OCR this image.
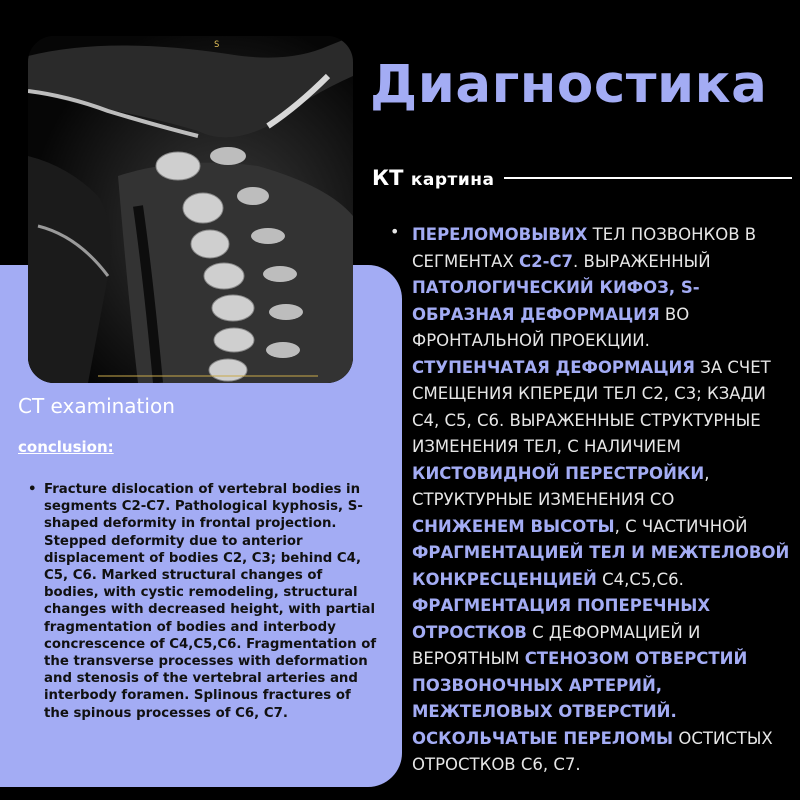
S
Диагностика
КТ картина
• ПЕРЕЛОМОВЫВИХ ТЕЛ ПОЗВОНКОВ В СЕГМЕНТАХ C2-C7. ВЫРАЖЕННЫЙ ПАТОЛОГИЧЕСКИЙ КИФОЗ, S-ОБРАЗНАЯ ДЕФОРМАЦИЯ ВО ФРОНТАЛЬНОЙ ПРОЕКЦИИ. СТУПЕНЧАТАЯ ДЕФОРМАЦИЯ ЗА СЧЕТ СМЕЩЕНИЯ КПЕРЕДИ ТЕЛ C2, C3; КЗАДИ C4, C5, C6. ВЫРАЖЕННЫЕ СТРУКТУРНЫЕ ИЗМЕНЕНИЯ ТЕЛ, С НАЛИЧИЕМ КИСТОВИДНОЙ ПЕРЕСТРОЙКИ, СТРУКТУРНЫЕ ИЗМЕНЕНИЯ СО СНИЖЕНЕМ ВЫСОТЫ, С ЧАСТИЧНОЙ ФРАГМЕНТАЦИЕЙ ТЕЛ И МЕЖТЕЛОВОЙ КОНКРЕСЦЕНЦИЕЙ C4,C5,C6. ФРАГМЕНТАЦИЯ ПОПЕРЕЧНЫХ ОТРОСТКОВ С ДЕФОРМАЦИЕЙ И ВЕРОЯТНЫМ СТЕНОЗОМ ОТВЕРСТИЙ ПОЗВОНОЧНЫХ АРТЕРИЙ, МЕЖТЕЛОВЫХ ОТВЕРСТИЙ. ОСКОЛЬЧАТЫЕ ПЕРЕЛОМЫ ОСТИСТЫХ ОТРОСТКОВ C6, C7.
CT examination
conclusion:
• Fracture dislocation of vertebral bodies in segments C2-C7. Pathological kyphosis, S-shaped deformity in frontal projection. Stepped deformity due to anterior displacement of bodies C2, C3; behind C4, C5, C6. Marked structural changes of bodies, with cystic remodeling, structural changes with decreased height, with partial fragmentation of bodies and interbody concrescence of C4,C5,C6. Fragmentation of the transverse processes with deformation and stenosis of the vertebral arteries and interbody foramen. Splinous fractures of the spinous processes of C6, C7.
